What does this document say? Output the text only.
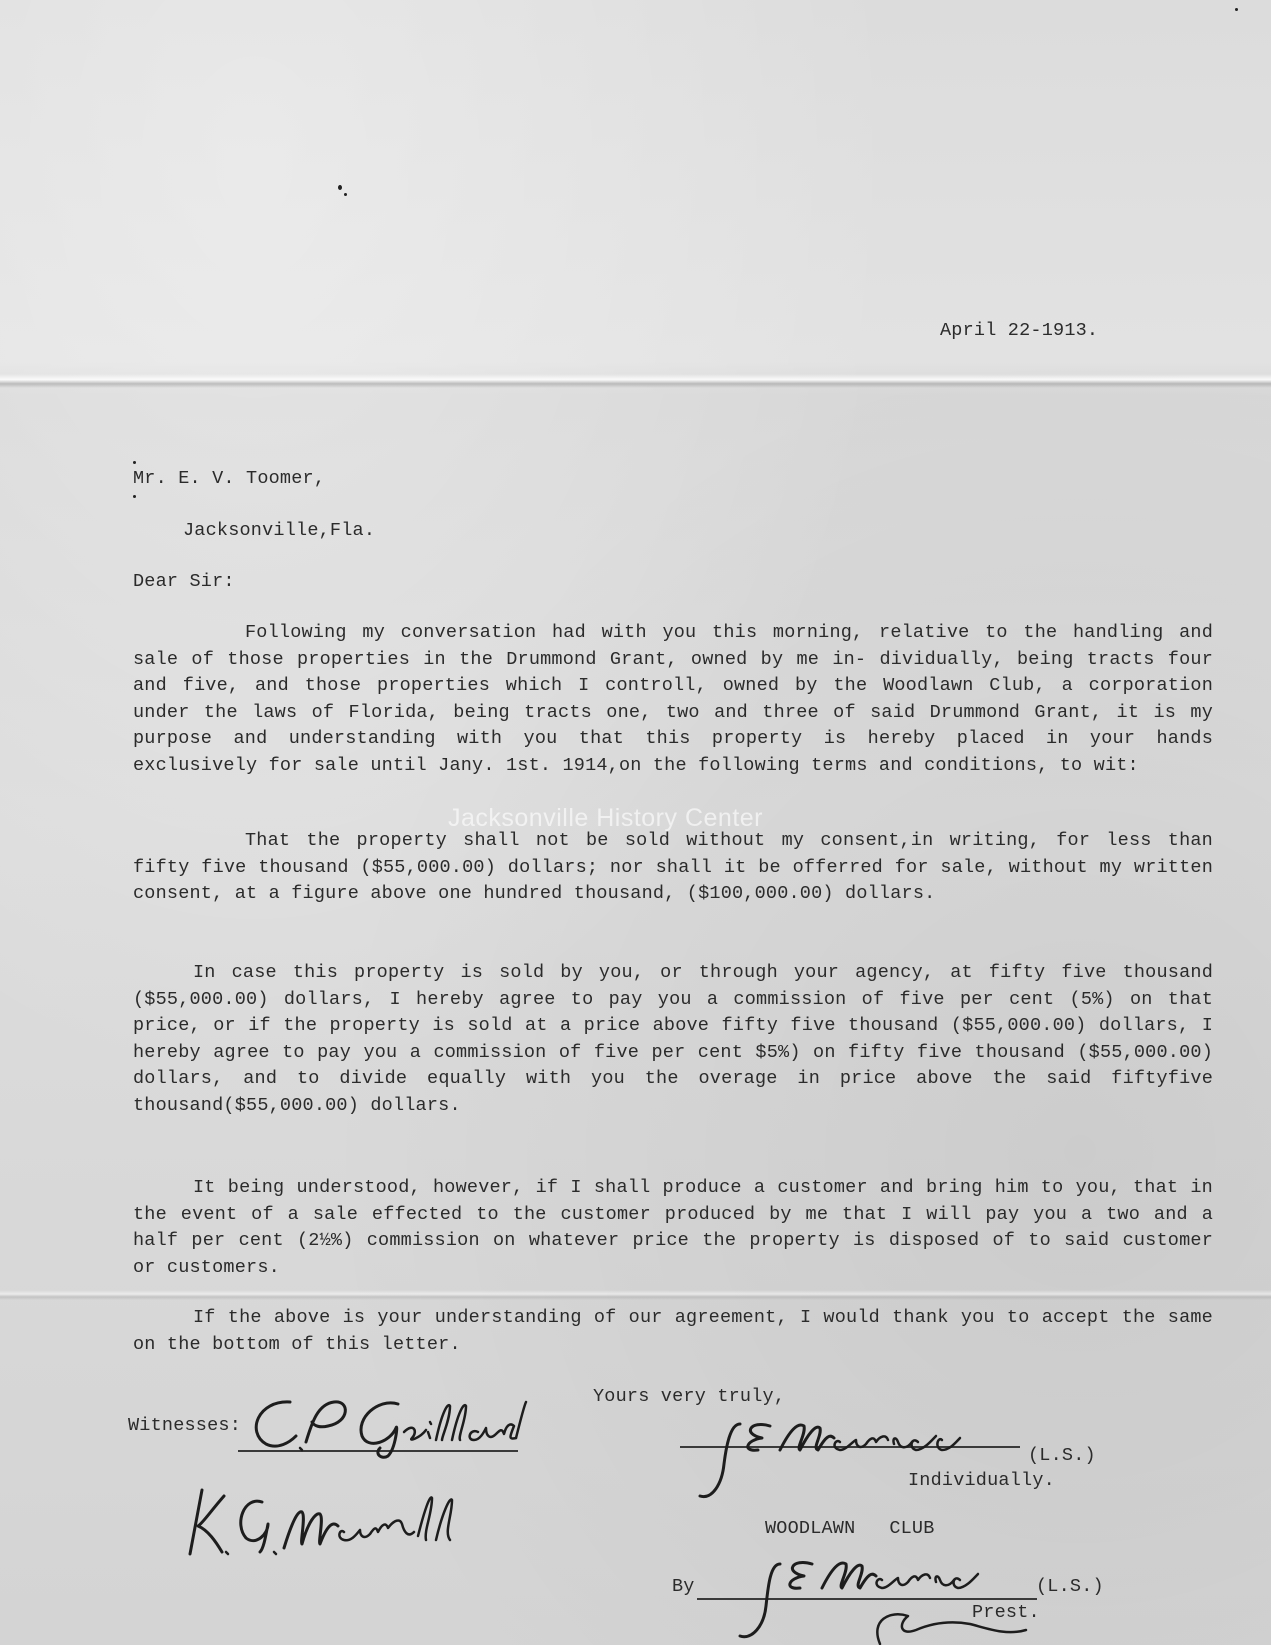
April 22-1913.
Mr. E. V. Toomer,
Jacksonville,Fla.
Dear Sir:

Following my conversation had with you this morning, relative to the handling and sale of those properties in the Drummond Grant, owned by me in- dividually, being tracts four and five, and those properties which I controll, owned by the Woodlawn Club, a corporation under the laws of Florida, being tracts one, two and three of said Drummond Grant, it is my purpose and understanding with you that this property is hereby placed in your hands exclusively for sale until Jany. 1st. 1914,on the following terms and conditions, to wit:

That the property shall not be sold without my consent,in writing, for less than fifty five thousand ($55,000.00) dollars; nor shall it be offerred for sale, without my written consent, at a figure above one hundred thousand, ($100,000.00) dollars.

In case this property is sold by you, or through your agency, at fifty five thousand ($55,000.00) dollars, I hereby agree to pay you a commission of five per cent (5%) on that price, or if the property is sold at a price above fifty five thousand ($55,000.00) dollars, I hereby agree to pay you a commission of five per cent $5%) on fifty five thousand ($55,000.00) dollars, and to divide equally with you the overage in price above the said fiftyfive thousand($55,000.00) dollars.

It being understood, however, if I shall produce a customer and bring him to you, that in the event of a sale effected to the customer produced by me that I will pay you a two and a half per cent (2½%) commission on whatever price the property is disposed of to said customer or customers.

If the above is your understanding of our agreement, I would thank you to accept the same on the bottom of this letter.

Yours very truly,
Witnesses:
(L.S.)
Individually.
WOODLAWN   CLUB
By	(L.S.)
Prest.
Jacksonville History Center
